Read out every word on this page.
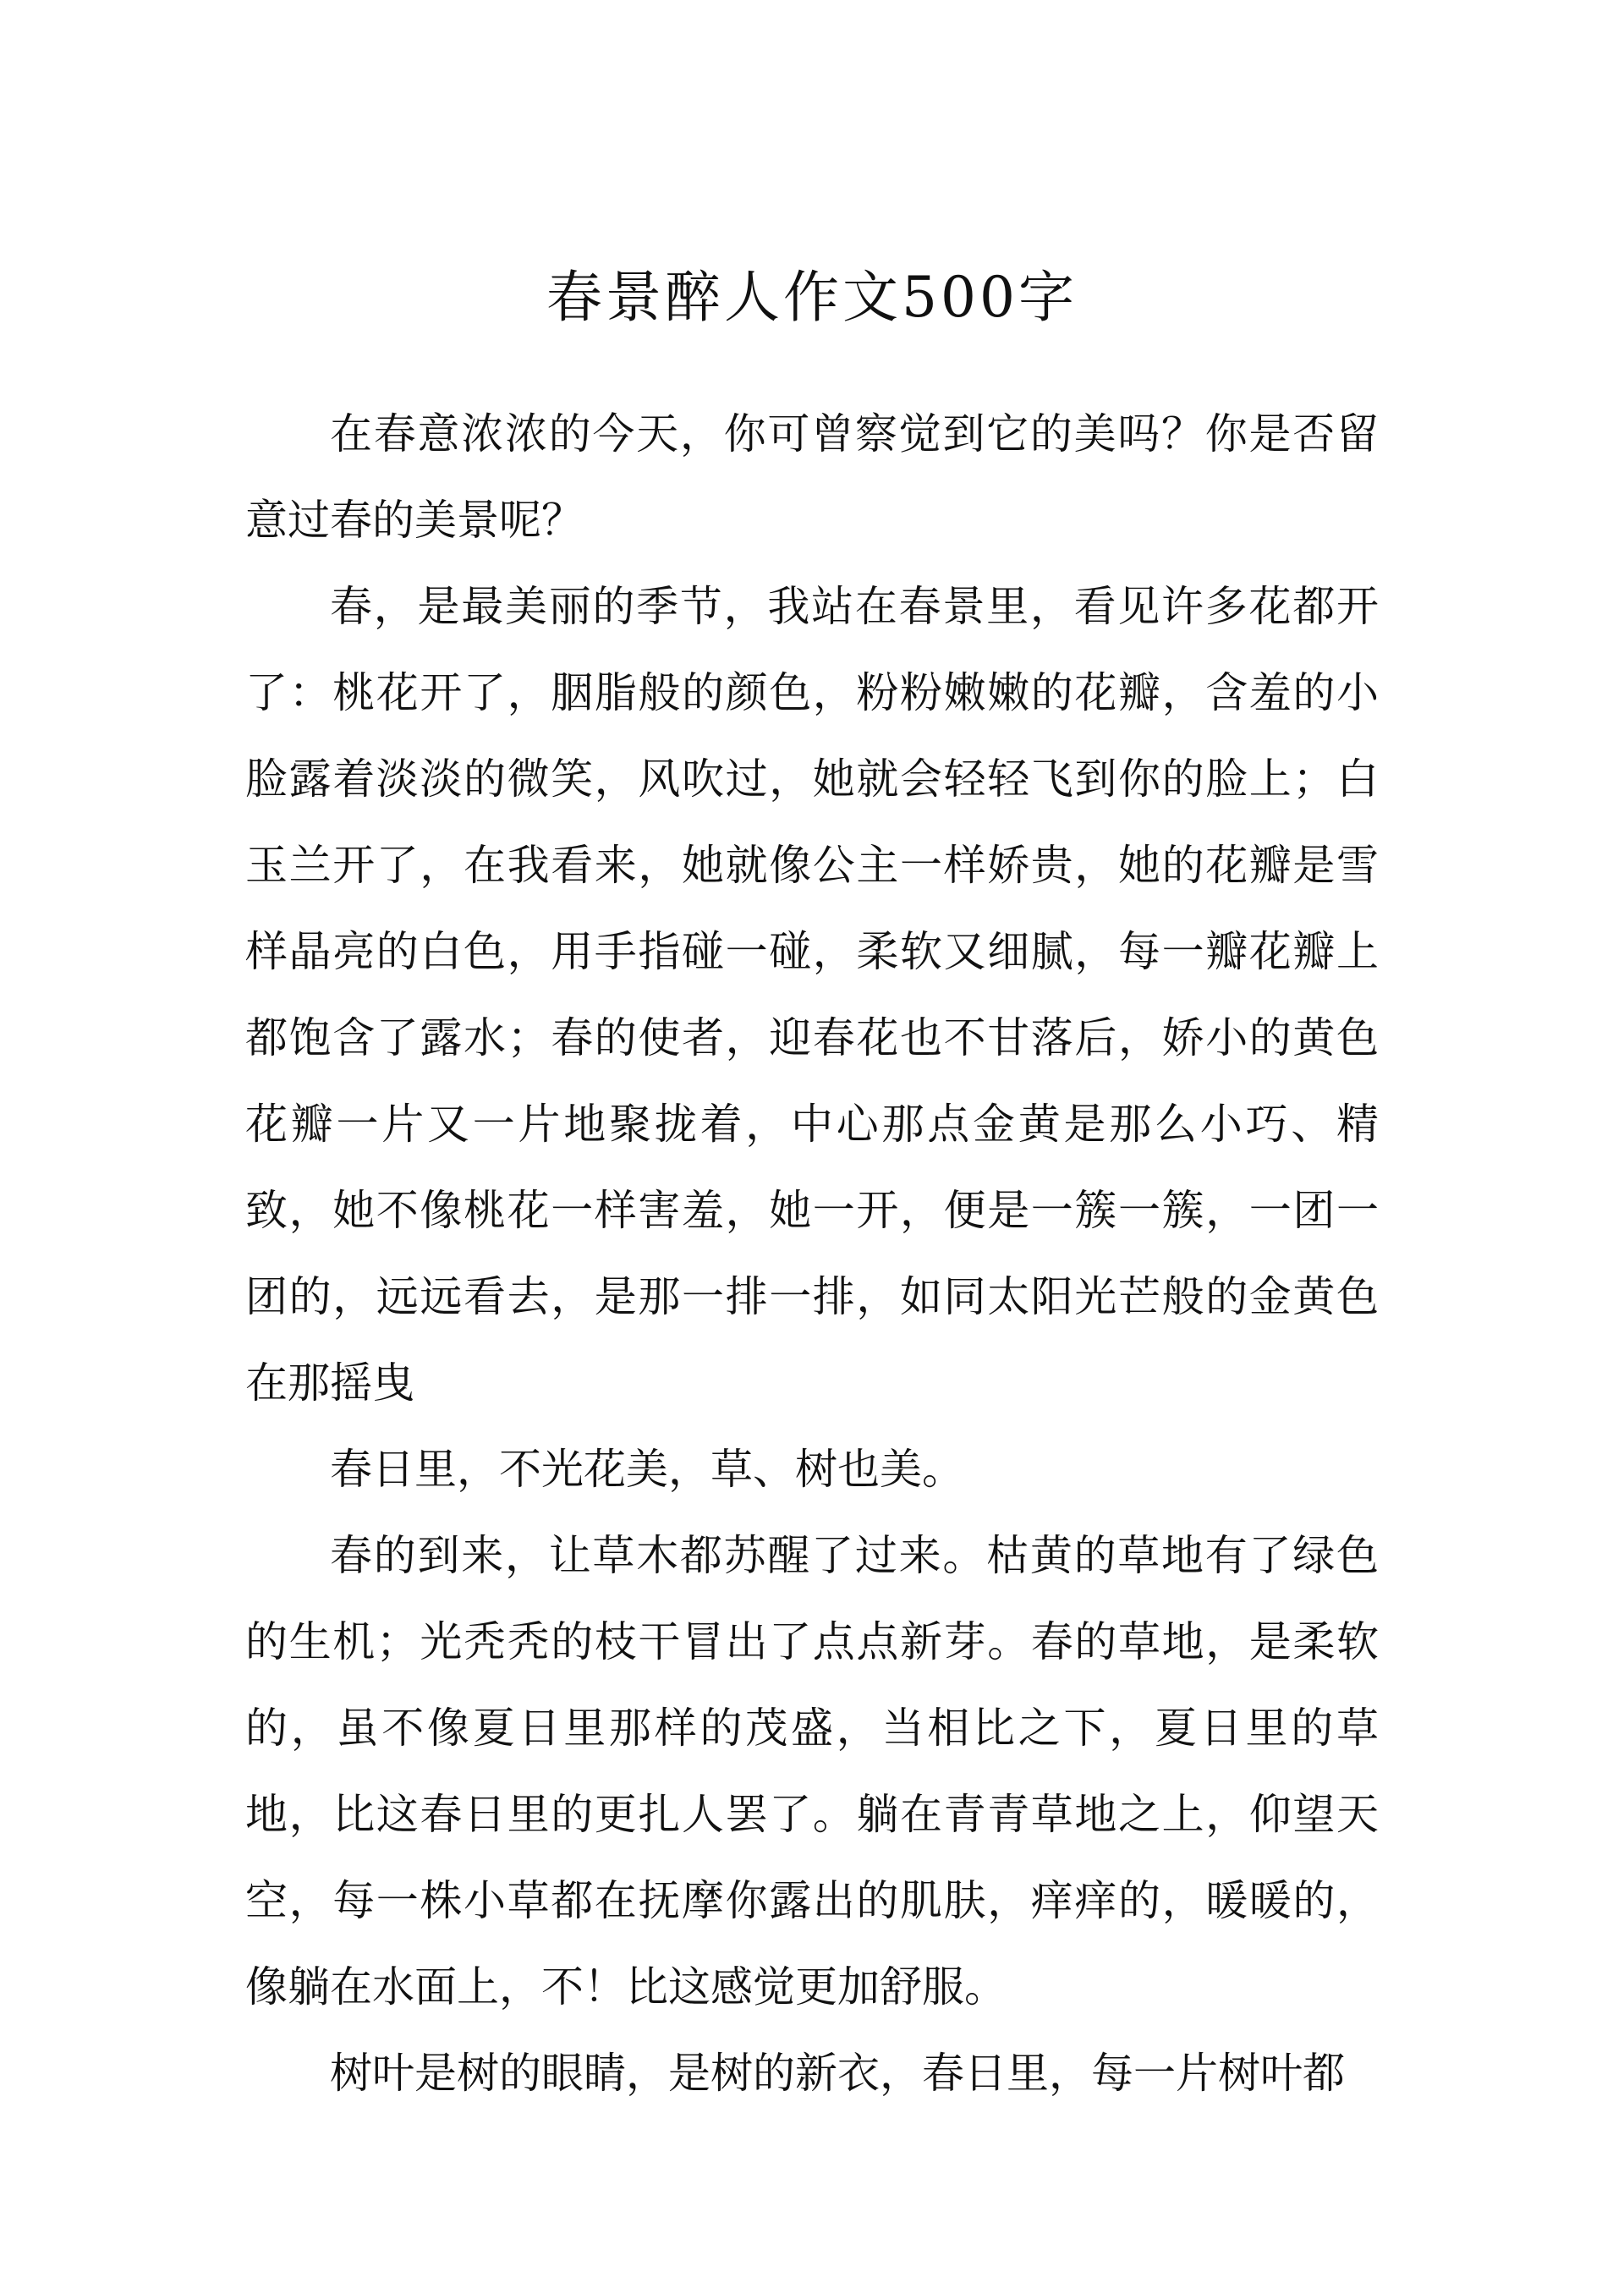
春景醉人作文500字

在春意浓浓的今天，你可曾察觉到它的美吗？你是否留意过春的美景呢？

春，是最美丽的季节，我站在春景里，看见许多花都开了：桃花开了，胭脂般的颜色，粉粉嫩嫩的花瓣，含羞的小脸露着淡淡的微笑，风吹过，她就会轻轻飞到你的脸上；白玉兰开了，在我看来，她就像公主一样娇贵，她的花瓣是雪样晶亮的白色，用手指碰一碰，柔软又细腻，每一瓣花瓣上都饱含了露水；春的使者，迎春花也不甘落后，娇小的黄色花瓣一片又一片地聚拢着，中心那点金黄是那么小巧、精致，她不像桃花一样害羞，她一开，便是一簇一簇，一团一团的，远远看去，是那一排一排，如同太阳光芒般的金黄色在那摇曳

春日里，不光花美，草、树也美。

春的到来，让草木都苏醒了过来。枯黄的草地有了绿色的生机；光秃秃的枝干冒出了点点新芽。春的草地，是柔软的，虽不像夏日里那样的茂盛，当相比之下，夏日里的草地，比这春日里的更扎人罢了。躺在青青草地之上，仰望天空，每一株小草都在抚摩你露出的肌肤，痒痒的，暖暖的，像躺在水面上，不！比这感觉更加舒服。

树叶是树的眼睛，是树的新衣，春日里，每一片树叶都
